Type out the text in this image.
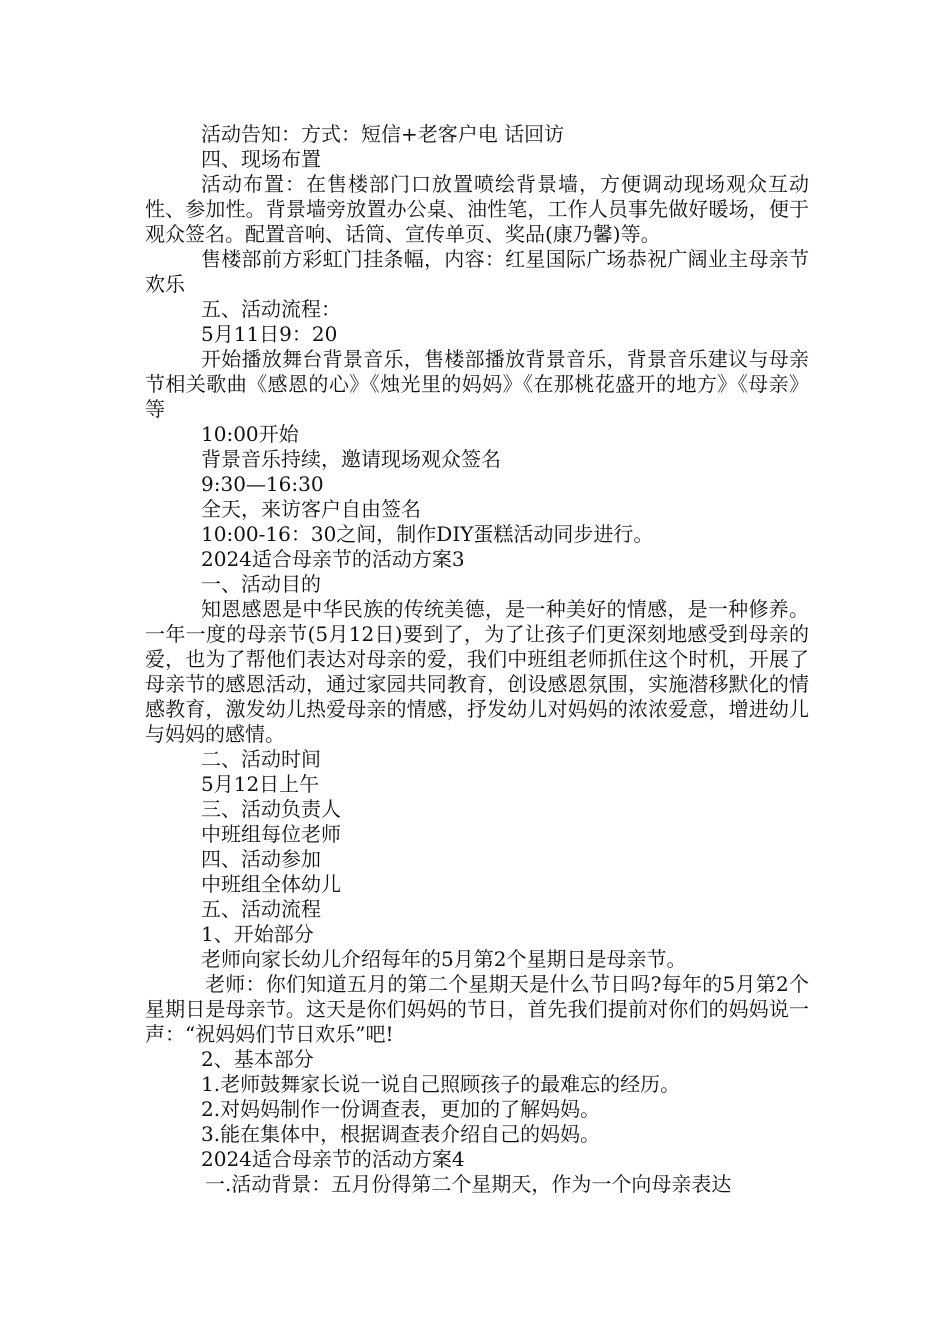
活动告知：方式：短信+老客户电 话回访

四、现场布置

活动布置：在售楼部门口放置喷绘背景墙，方便调动现场观众互动性、参加性。背景墙旁放置办公桌、油性笔，工作人员事先做好暖场，便于观众签名。配置音响、话筒、宣传单页、奖品(康乃馨)等。

售楼部前方彩虹门挂条幅，内容：红星国际广场恭祝广阔业主母亲节欢乐

五、活动流程：

5月11日9：20

开始播放舞台背景音乐，售楼部播放背景音乐，背景音乐建议与母亲节相关歌曲《感恩的心》《烛光里的妈妈》《在那桃花盛开的地方》《母亲》等

10:00开始

背景音乐持续，邀请现场观众签名

9:30—16:30

全天，来访客户自由签名

10:00-16：30之间，制作DIY蛋糕活动同步进行。

2024适合母亲节的活动方案3

一、活动目的

知恩感恩是中华民族的传统美德，是一种美好的情感，是一种修养。一年一度的母亲节(5月12日)要到了，为了让孩子们更深刻地感受到母亲的爱，也为了帮他们表达对母亲的爱，我们中班组老师抓住这个时机，开展了母亲节的感恩活动，通过家园共同教育，创设感恩氛围，实施潜移默化的情感教育，激发幼儿热爱母亲的情感，抒发幼儿对妈妈的浓浓爱意，增进幼儿与妈妈的感情。

二、活动时间

5月12日上午

三、活动负责人

中班组每位老师

四、活动参加

中班组全体幼儿

五、活动流程

1、开始部分

老师向家长幼儿介绍每年的5月第2个星期日是母亲节。

老师：你们知道五月的第二个星期天是什么节日吗?每年的5月第2个星期日是母亲节。这天是你们妈妈的节日，首先我们提前对你们的妈妈说一声：“祝妈妈们节日欢乐”吧!

2、基本部分

1.老师鼓舞家长说一说自己照顾孩子的最难忘的经历。

2.对妈妈制作一份调查表，更加的了解妈妈。

3.能在集体中，根据调查表介绍自己的妈妈。

2024适合母亲节的活动方案4

一.活动背景：五月份得第二个星期天，作为一个向母亲表达
